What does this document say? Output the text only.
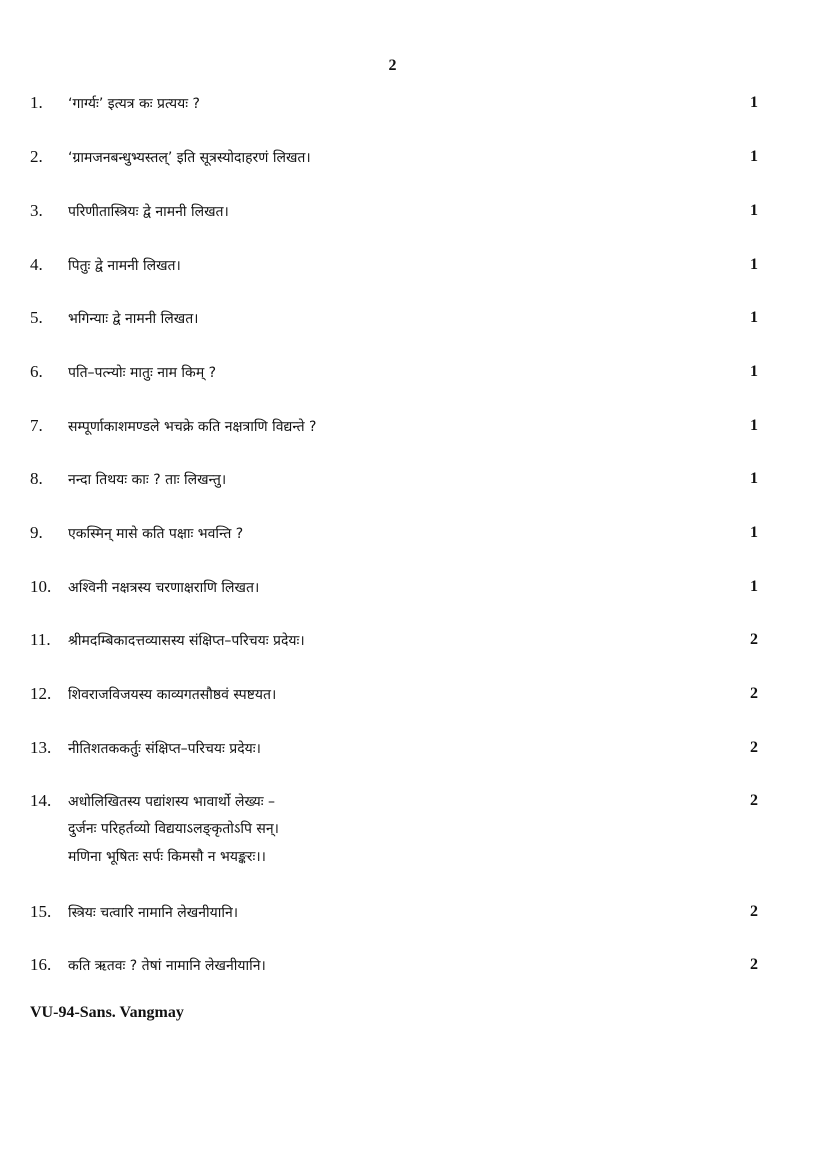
2
1. ‘गार्ग्यः’ इत्यत्र कः प्रत्ययः ?	1
2. ‘ग्रामजनबन्धुभ्यस्तल्’ इति सूत्रस्योदाहरणं लिखत।	1
3. परिणीतास्त्रियः द्वे नामनी लिखत।	1
4. पितुः द्वे नामनी लिखत।	1
5. भगिन्याः द्वे नामनी लिखत।	1
6. पति–पत्न्योः मातुः नाम किम् ?	1
7. सम्पूर्णाकाशमण्डले भचक्रे कति नक्षत्राणि विद्यन्ते ?	1
8. नन्दा तिथयः काः ? ताः लिखन्तु।	1
9. एकस्मिन् मासे कति पक्षाः भवन्ति ?	1
10. अश्विनी नक्षत्रस्य चरणाक्षराणि लिखत।	1
11. श्रीमदम्बिकादत्तव्यासस्य संक्षिप्त–परिचयः प्रदेयः।	2
12. शिवराजविजयस्य काव्यगतसौष्ठवं स्पष्टयत।	2
13. नीतिशतककर्तुः संक्षिप्त–परिचयः प्रदेयः।	2
14. अधोलिखितस्य पद्यांशस्य भावार्थो लेख्यः –	2
दुर्जनः परिहर्तव्यो विद्ययाऽलङ्कृतोऽपि सन्।
मणिना भूषितः सर्पः किमसौ न भयङ्करः।।
15. स्त्रियः चत्वारि नामानि लेखनीयानि।	2
16. कति ऋतवः ? तेषां नामानि लेखनीयानि।	2
VU-94-Sans. Vangmay
